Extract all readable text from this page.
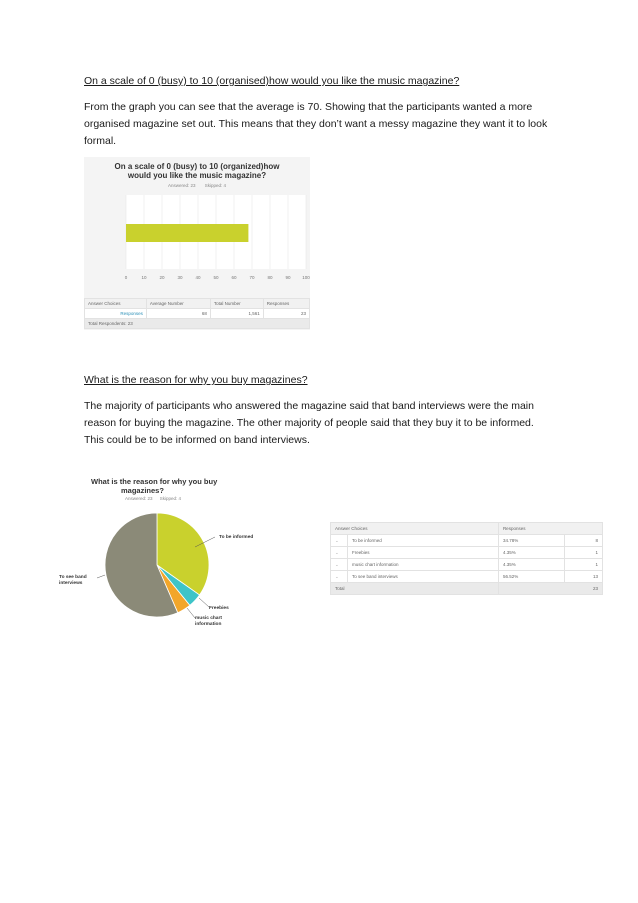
On a scale of 0 (busy) to 10 (organised)how would you like the music magazine?
From the graph you can see that the average is 70. Showing that the participants wanted a more
organised magazine set out. This means that they don’t want a messy magazine they want it to look
formal.
On a scale of 0 (busy) to 10 (organized)how
would you like the music magazine?
Answered: 23 Skipped: 4
0	10	20	30	40	50	60	70	80	90	100
Answer Choices	Average Number	Total Number	Responses
Responses	68	1,561	23
Total Respondents: 23			
What is the reason for why you buy magazines?
The majority of participants who answered the magazine said that band interviews were the main
reason for buying the magazine. The other majority of people said that they buy it to be informed.
This could be to be informed on band interviews.
What is the reason for why you buy
magazines?
Answered: 23 Skipped: 4
To be informed
Freebies
music chart
information
To see band
interviews
Answer Choices		Responses	
⌄	To be informed	34.78%	8
⌄	Freebies	4.35%	1
⌄	music chart information	4.35%	1
⌄	To see band interviews	56.52%	13
Total		23	
